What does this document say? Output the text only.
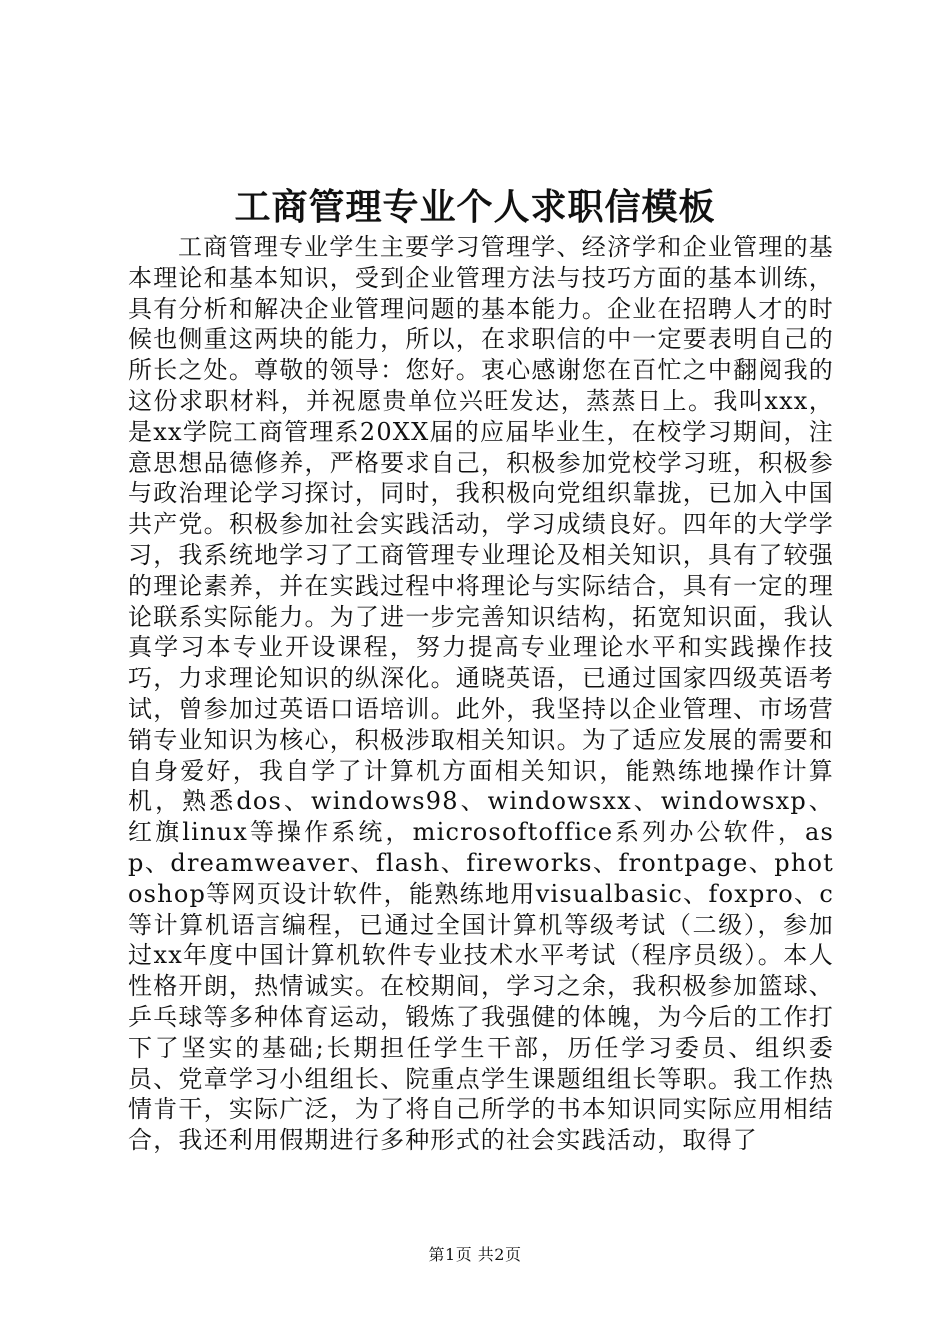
工商管理专业个人求职信模板

工商管理专业学生主要学习管理学、经济学和企业管理的基本理论和基本知识，受到企业管理方法与技巧方面的基本训练，具有分析和解决企业管理问题的基本能力。企业在招聘人才的时候也侧重这两块的能力，所以，在求职信的中一定要表明自己的所长之处。尊敬的领导：您好。衷心感谢您在百忙之中翻阅我的这份求职材料，并祝愿贵单位兴旺发达，蒸蒸日上。我叫xxx，是xx学院工商管理系20XX届的应届毕业生，在校学习期间，注意思想品德修养，严格要求自己，积极参加党校学习班，积极参与政治理论学习探讨，同时，我积极向党组织靠拢，已加入中国共产党。积极参加社会实践活动，学习成绩良好。四年的大学学习，我系统地学习了工商管理专业理论及相关知识，具有了较强的理论素养，并在实践过程中将理论与实际结合，具有一定的理论联系实际能力。为了进一步完善知识结构，拓宽知识面，我认真学习本专业开设课程，努力提高专业理论水平和实践操作技巧，力求理论知识的纵深化。通晓英语，已通过国家四级英语考试，曾参加过英语口语培训。此外，我坚持以企业管理、市场营销专业知识为核心，积极涉取相关知识。为了适应发展的需要和自身爱好，我自学了计算机方面相关知识，能熟练地操作计算机，熟悉dos、windows98、windowsxx、windowsxp、红旗linux等操作系统，microsoftoffice系列办公软件，asp、dreamweaver、flash、fireworks、frontpage、photoshop等网页设计软件，能熟练地用visualbasic、foxpro、c等计算机语言编程，已通过全国计算机等级考试（二级），参加过xx年度中国计算机软件专业技术水平考试（程序员级）。本人性格开朗，热情诚实。在校期间，学习之余，我积极参加篮球、乒乓球等多种体育运动，锻炼了我强健的体魄，为今后的工作打下了坚实的基础;长期担任学生干部，历任学习委员、组织委员、党章学习小组组长、院重点学生课题组组长等职。我工作热情肯干，实际广泛，为了将自己所学的书本知识同实际应用相结合，我还利用假期进行多种形式的社会实践活动，取得了

第1页 共2页
